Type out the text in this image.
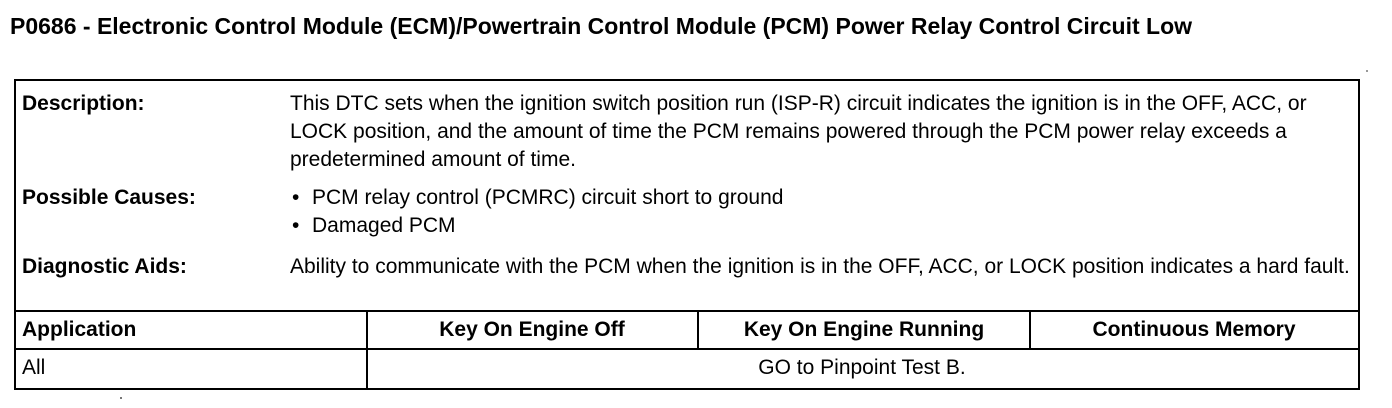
P0686 - Electronic Control Module (ECM)/Powertrain Control Module (PCM) Power Relay Control Circuit Low
Description:	This DTC sets when the ignition switch position run (ISP-R) circuit indicates the ignition is in the OFF, ACC, or LOCK position, and the amount of time the PCM remains powered through the PCM power relay exceeds a predetermined amount of time.

Possible Causes:	• PCM relay control (PCMRC) circuit short to ground
• Damaged PCM
Diagnostic Aids:	Ability to communicate with the PCM when the ignition is in the OFF, ACC, or LOCK position indicates a hard fault.

Application	Key On Engine Off	Key On Engine Running	Continuous Memory
All	GO to Pinpoint Test B.
